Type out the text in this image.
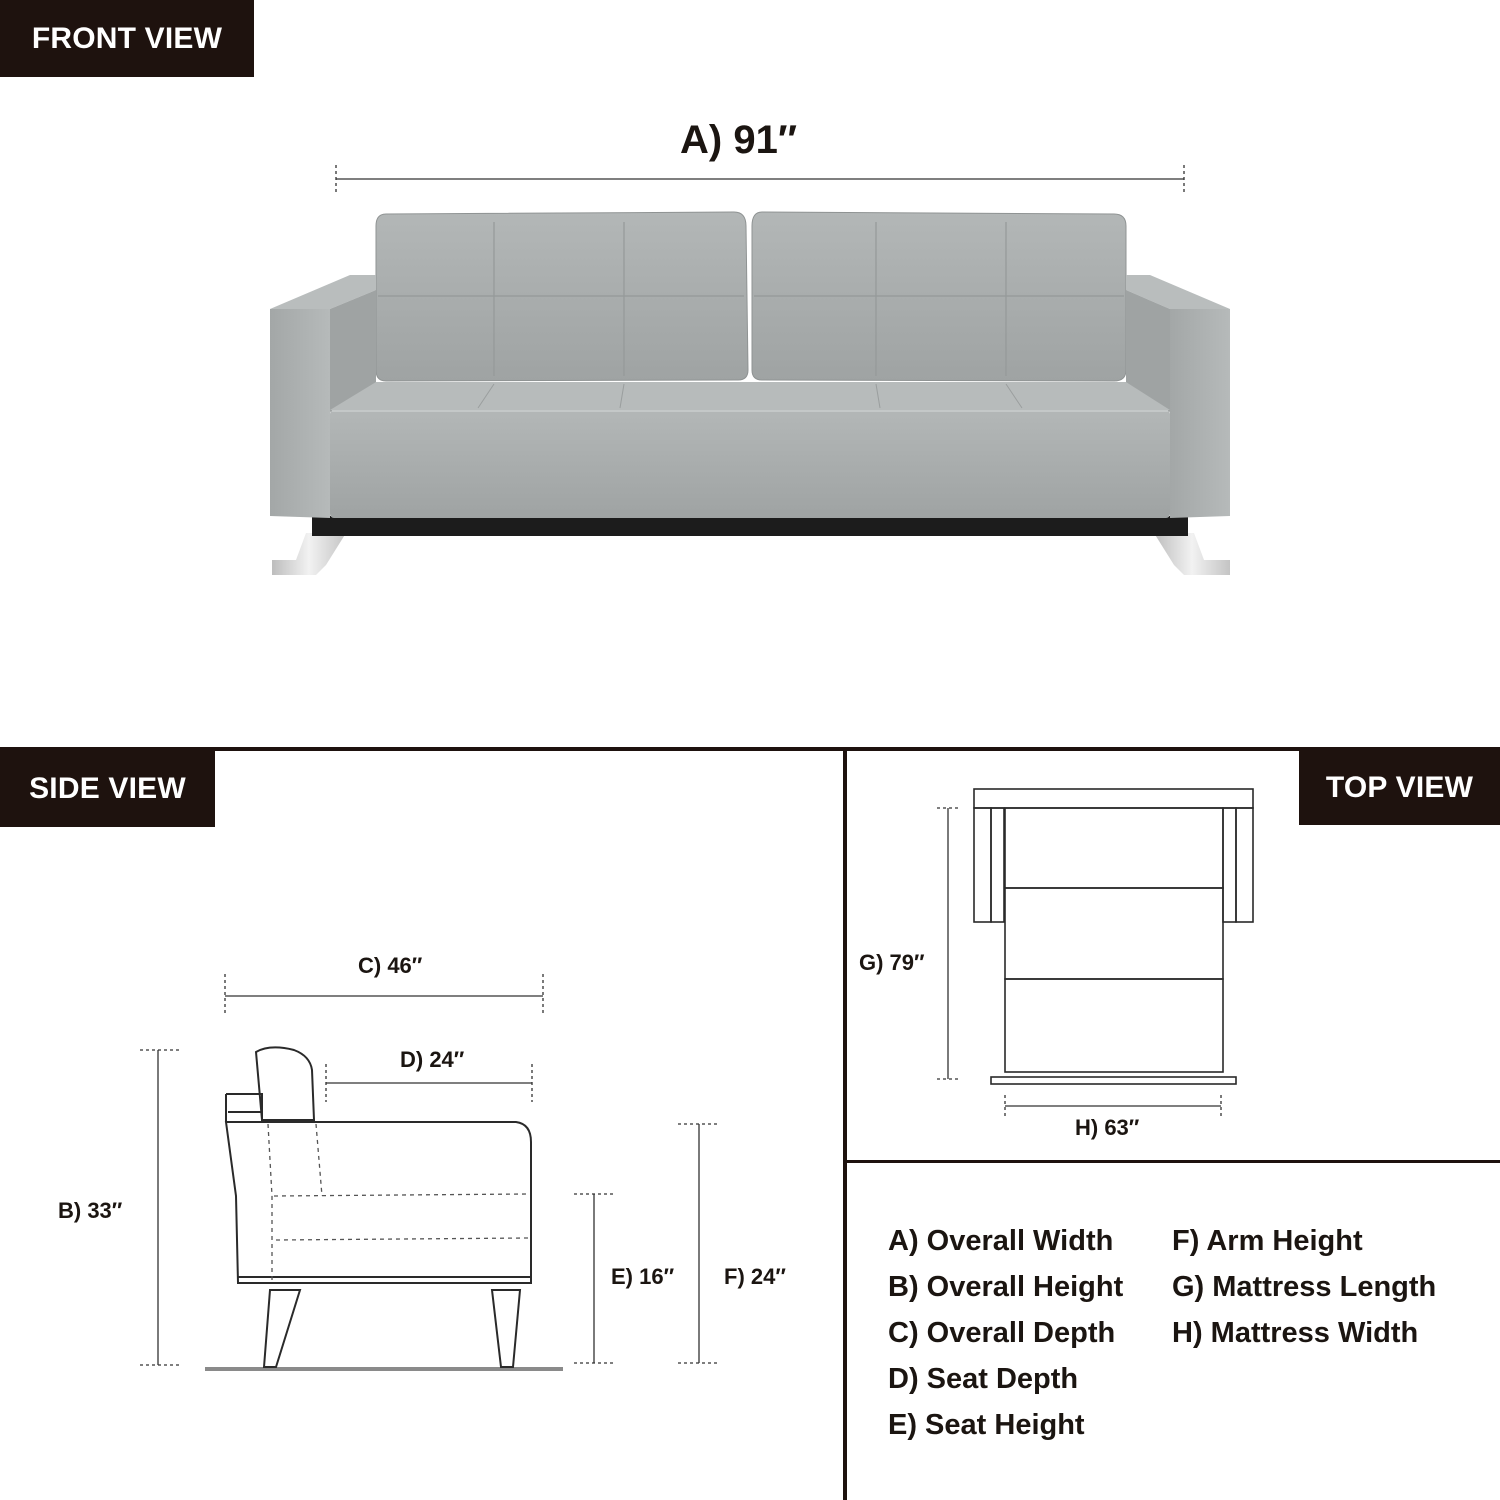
FRONT VIEW
SIDE VIEW	TOP VIEW
A) 91″
C) 46″
D) 24″
B) 33″
E) 16″ F) 24″
G) 79″
H) 63″
A) Overall Width
B) Overall Height
C) Overall Depth
D) Seat Depth
E) Seat Height
F) Arm Height
G) Mattress Length
H) Mattress Width
